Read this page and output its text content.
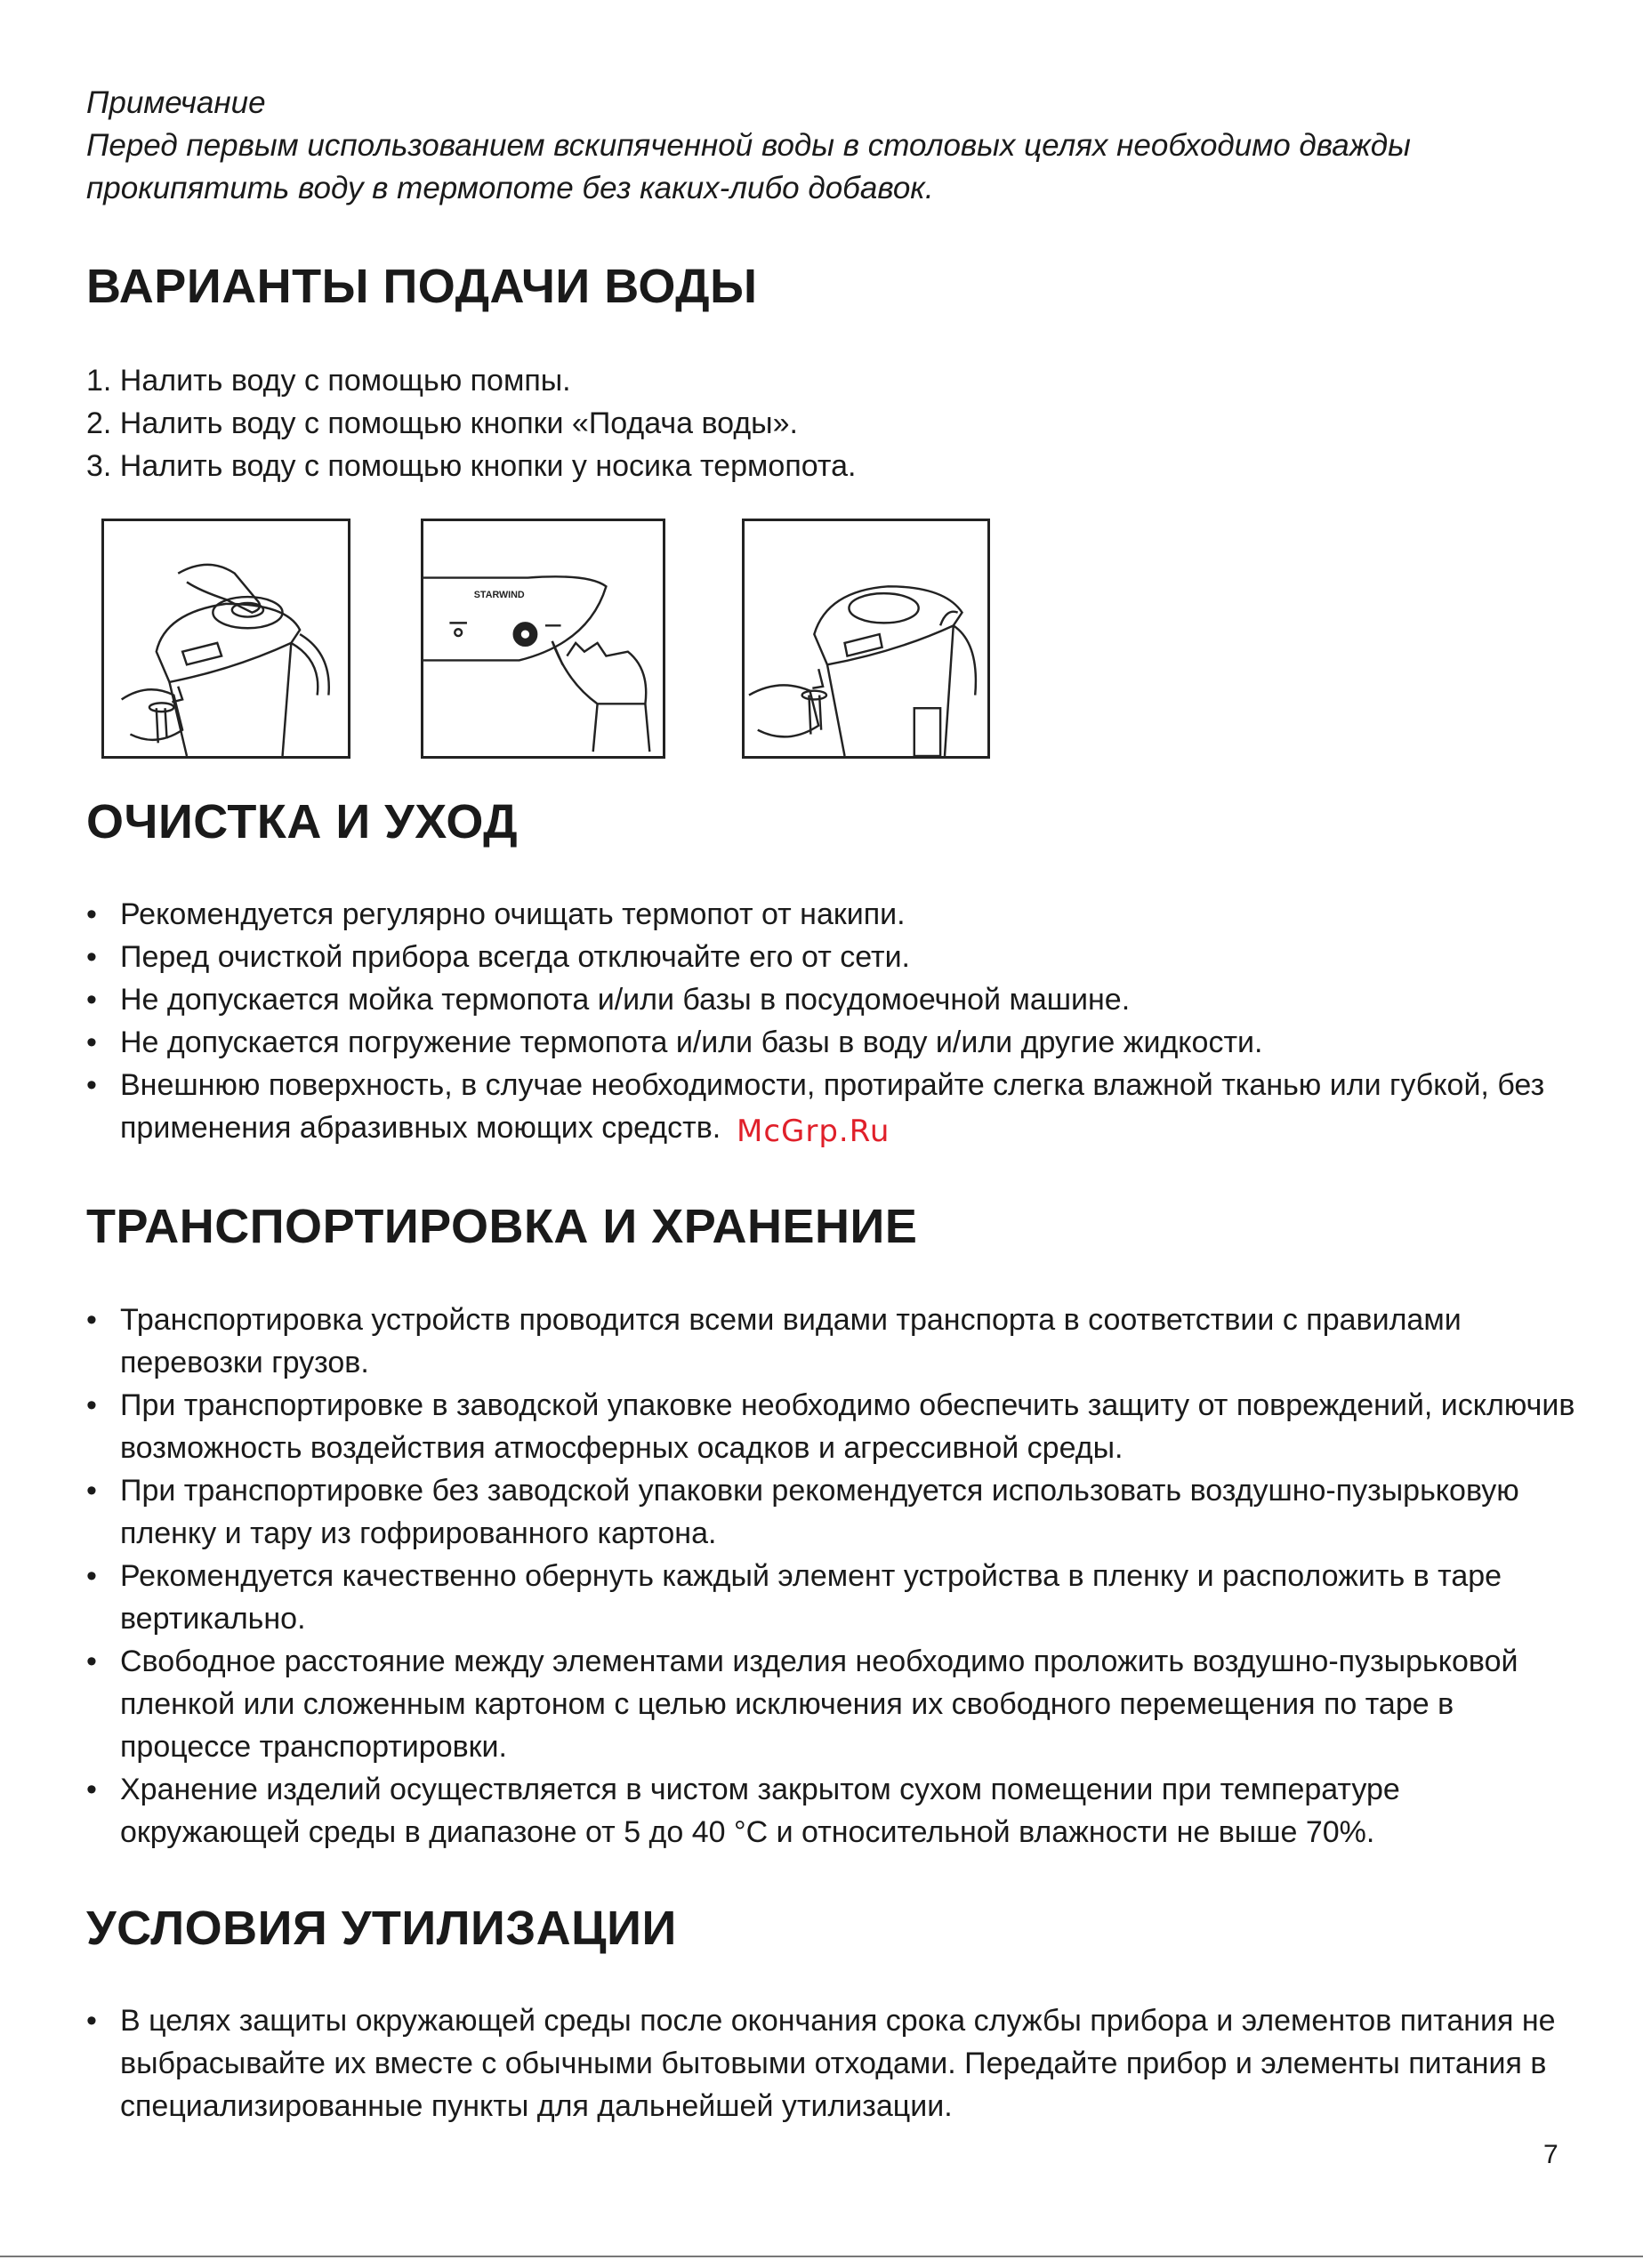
Примечание
Перед первым использованием вскипяченной воды в столовых целях необходимо дважды прокипятить воду в термопоте без каких-либо добавок.
ВАРИАНТЫ ПОДАЧИ ВОДЫ
1. Налить воду с помощью помпы.
2. Налить воду с помощью кнопки «Подача воды».
3. Налить воду с помощью кнопки у носика термопота.
STARWIND
ОЧИСТКА И УХОД
• Рекомендуется регулярно очищать термопот от накипи.
• Перед очисткой прибора всегда отключайте его от сети.
• Не допускается мойка термопота и/или базы в посудомоечной машине.
• Не допускается погружение термопота и/или базы в воду и/или другие жидкости.
• Внешнюю поверхность, в случае необходимости, протирайте слегка влажной тканью или губкой, без применения абразивных моющих средств. McGrp.Ru
ТРАНСПОРТИРОВКА И ХРАНЕНИЕ
• Транспортировка устройств проводится всеми видами транспорта в соответствии с правилами перевозки грузов.
• При транспортировке в заводской упаковке необходимо обеспечить защиту от повреждений, исключив возможность воздействия атмосферных осадков и агрессивной среды.
• При транспортировке без заводской упаковки рекомендуется использовать воздушно-пузырьковую пленку и тару из гофрированного картона.
• Рекомендуется качественно обернуть каждый элемент устройства в пленку и расположить в таре вертикально.
• Свободное расстояние между элементами изделия необходимо проложить воздушно-пузырьковой пленкой или сложенным картоном с целью исключения их свободного перемещения по таре в процессе транспортировки.
• Хранение изделий осуществляется в чистом закрытом сухом помещении при температуре окружающей среды в диапазоне от 5 до 40 °С и относительной влажности не выше 70%.
УСЛОВИЯ УТИЛИЗАЦИИ
• В целях защиты окружающей среды после окончания срока службы прибора и элементов питания не выбрасывайте их вместе с обычными бытовыми отходами. Передайте прибор и элементы питания в специализированные пункты для дальнейшей утилизации.
7
